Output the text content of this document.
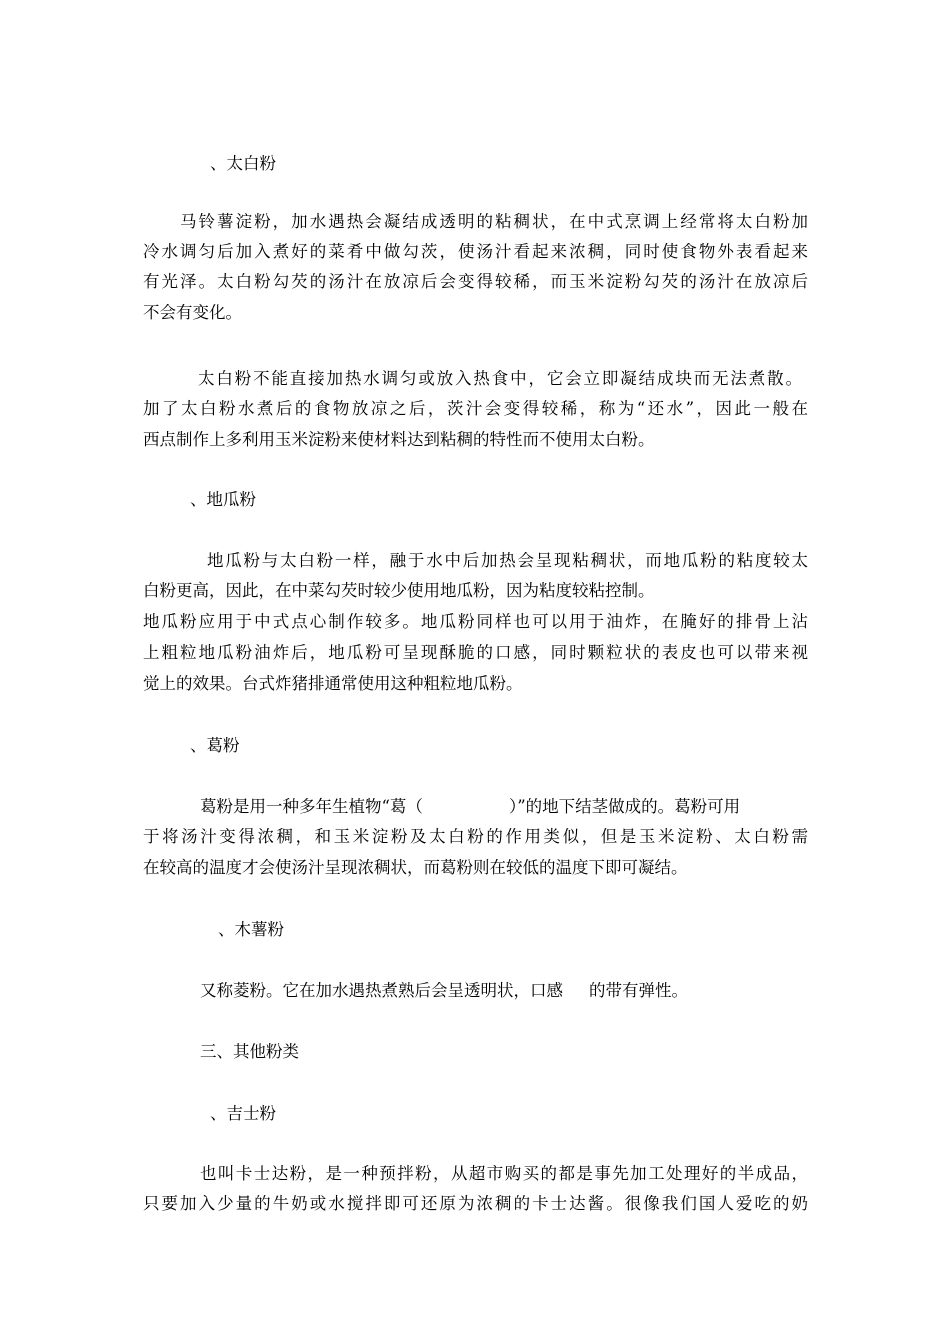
、太白粉
马铃薯淀粉，加水遇热会凝结成透明的粘稠状，在中式烹调上经常将太白粉加
冷水调匀后加入煮好的菜肴中做勾茨，使汤汁看起来浓稠，同时使食物外表看起来
有光泽。太白粉勾芡的汤汁在放凉后会变得较稀，而玉米淀粉勾芡的汤汁在放凉后
不会有变化。
太白粉不能直接加热水调匀或放入热食中，它会立即凝结成块而无法煮散。
加了太白粉水煮后的食物放凉之后，茨汁会变得较稀，称为“还水”，因此一般在
西点制作上多利用玉米淀粉来使材料达到粘稠的特性而不使用太白粉。
、地瓜粉
地瓜粉与太白粉一样，融于水中后加热会呈现粘稠状，而地瓜粉的粘度较太
白粉更高，因此，在中菜勾芡时较少使用地瓜粉，因为粘度较粘控制。
地瓜粉应用于中式点心制作较多。地瓜粉同样也可以用于油炸，在腌好的排骨上沾
上粗粒地瓜粉油炸后，地瓜粉可呈现酥脆的口感，同时颗粒状的表皮也可以带来视
觉上的效果。台式炸猪排通常使用这种粗粒地瓜粉。
、葛粉
葛粉是用一种多年生植物“葛（	）”的地下结茎做成的。葛粉可用
于将汤汁变得浓稠，和玉米淀粉及太白粉的作用类似，但是玉米淀粉、太白粉需
在较高的温度才会使汤汁呈现浓稠状，而葛粉则在较低的温度下即可凝结。
、木薯粉
又称菱粉。它在加水遇热煮熟后会呈透明状，口感 的带有弹性。
三、其他粉类
、吉士粉
也叫卡士达粉，是一种预拌粉，从超市购买的都是事先加工处理好的半成品，
只要加入少量的牛奶或水搅拌即可还原为浓稠的卡士达酱。很像我们国人爱吃的奶
